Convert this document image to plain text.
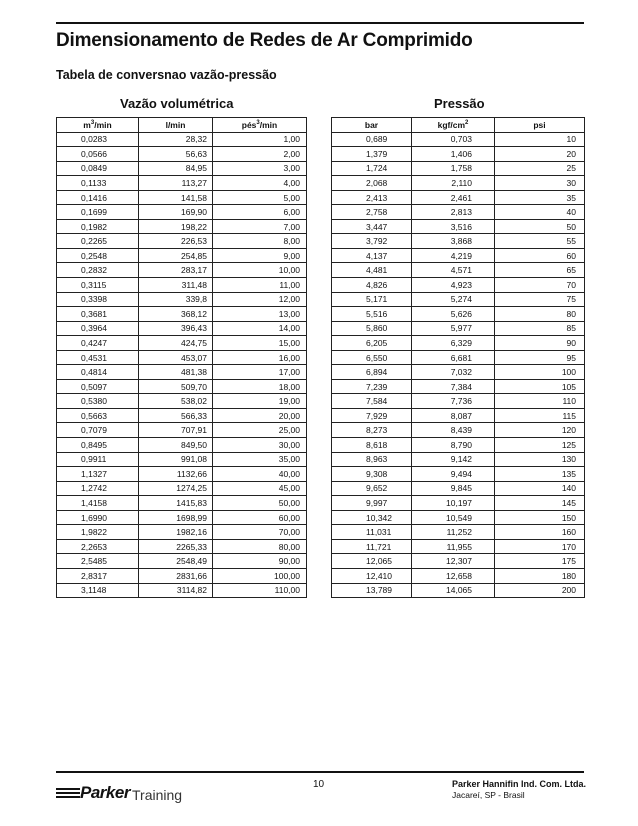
Dimensionamento de Redes de Ar Comprimido
Tabela de conversnao vazão-pressão
Vazão volumétrica	Pressão
$m^3/\min$	l/min	pés$^3$/min
0,0283	28,32	1,00
0,0566	56,63	2,00
0,0849	84,95	3,00
0,1133	113,27	4,00
0,1416	141,58	5,00
0,1699	169,90	6,00
0,1982	198,22	7,00
0,2265	226,53	8,00
0,2548	254,85	9,00
0,2832	283,17	10,00
0,3115	311,48	11,00
0,3398	339,8	12,00
0,3681	368,12	13,00
0,3964	396,43	14,00
0,4247	424,75	15,00
0,4531	453,07	16,00
0,4814	481,38	17,00
0,5097	509,70	18,00
0,5380	538,02	19,00
0,5663	566,33	20,00
0,7079	707,91	25,00
0,8495	849,50	30,00
0,9911	991,08	35,00
1,1327	1132,66	40,00
1,2742	1274,25	45,00
1,4158	1415,83	50,00
1,6990	1698,99	60,00
1,9822	1982,16	70,00
2,2653	2265,33	80,00
2,5485	2548,49	90,00
2,8317	2831,66	100,00
3,1148	3114,82	110,00
bar	kgf/$cm^2$	psi
0,689	0,703	10
1,379	1,406	20
1,724	1,758	25
2,068	2,110	30
2,413	2,461	35
2,758	2,813	40
3,447	3,516	50
3,792	3,868	55
4,137	4,219	60
4,481	4,571	65
4,826	4,923	70
5,171	5,274	75
5,516	5,626	80
5,860	5,977	85
6,205	6,329	90
6,550	6,681	95
6,894	7,032	100
7,239	7,384	105
7,584	7,736	110
7,929	8,087	115
8,273	8,439	120
8,618	8,790	125
8,963	9,142	130
9,308	9,494	135
9,652	9,845	140
9,997	10,197	145
10,342	10,549	150
11,031	11,252	160
11,721	11,955	170
12,065	12,307	175
12,410	12,658	180
13,789	14,065	200
Parker Training
10	Parker Hannifin Ind. Com. Ltda.
Jacareí, SP - Brasil
